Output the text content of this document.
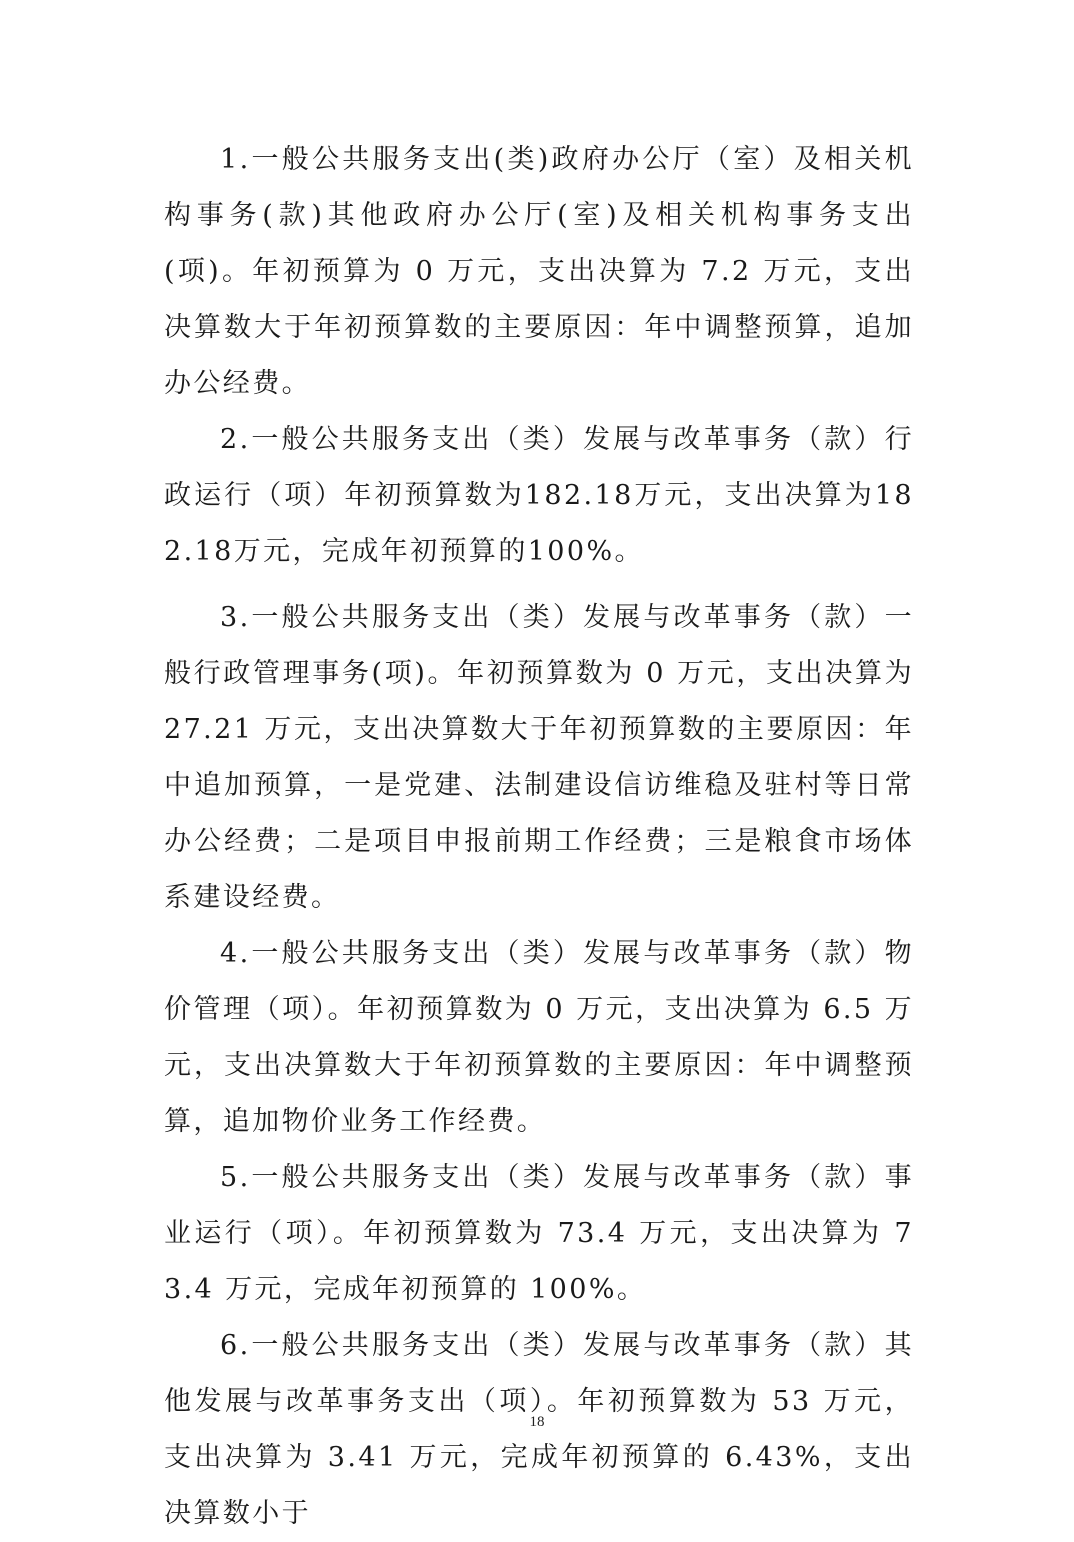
1.一般公共服务支出(类)政府办公厅（室）及相关机构事务(款)其他政府办公厅(室)及相关机构事务支出(项)。年初预算为 0 万元，支出决算为 7.2 万元，支出决算数大于年初预算数的主要原因：年中调整预算，追加办公经费。

2.一般公共服务支出（类）发展与改革事务（款）行政运行（项）年初预算数为182.18万元，支出决算为182.18万元，完成年初预算的100%。

3.一般公共服务支出（类）发展与改革事务（款）一般行政管理事务(项)。年初预算数为 0 万元，支出决算为 27.21 万元，支出决算数大于年初预算数的主要原因：年中追加预算，一是党建、法制建设信访维稳及驻村等日常办公经费；二是项目申报前期工作经费；三是粮食市场体系建设经费。

4.一般公共服务支出（类）发展与改革事务（款）物价管理（项）。年初预算数为 0 万元，支出决算为 6.5 万元，支出决算数大于年初预算数的主要原因：年中调整预算，追加物价业务工作经费。

5.一般公共服务支出（类）发展与改革事务（款）事业运行（项）。年初预算数为 73.4 万元，支出决算为 73.4 万元，完成年初预算的 100%。

6.一般公共服务支出（类）发展与改革事务（款）其他发展与改革事务支出（项）。年初预算数为 53 万元，支出决算为 3.41 万元，完成年初预算的 6.43%，支出决算数小于

18
